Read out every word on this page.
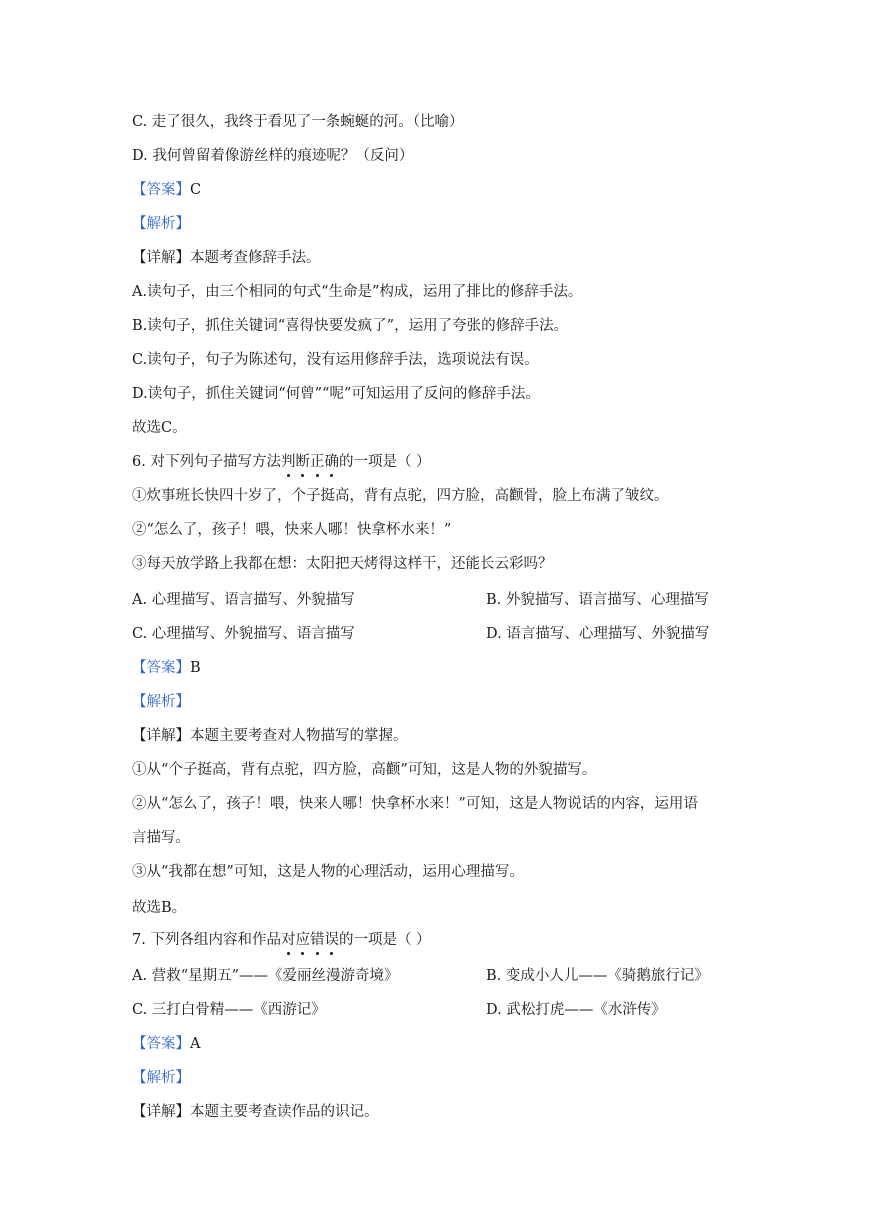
C. 走了很久，我终于看见了一条蜿蜒的河。（比喻）
D. 我何曾留着像游丝样的痕迹呢？（反问）
【答案】C
【解析】
【详解】本题考查修辞手法。
A.读句子，由三个相同的句式“生命是”构成，运用了排比的修辞手法。
B.读句子，抓住关键词“喜得快要发疯了”，运用了夸张的修辞手法。
C.读句子，句子为陈述句，没有运用修辞手法，选项说法有误。
D.读句子，抓住关键词“何曾”“呢”可知运用了反问的修辞手法。
故选C。
6. 对下列句子描写方法判断正确的一项是（ ）
①炊事班长快四十岁了，个子挺高，背有点驼，四方脸，高颧骨，脸上布满了皱纹。
②“怎么了，孩子！喂，快来人哪！快拿杯水来！”
③每天放学路上我都在想：太阳把天烤得这样干，还能长云彩吗？
A. 心理描写、语言描写、外貌描写	B. 外貌描写、语言描写、心理描写
C. 心理描写、外貌描写、语言描写	D. 语言描写、心理描写、外貌描写
【答案】B
【解析】
【详解】本题主要考查对人物描写的掌握。
①从“个子挺高，背有点驼，四方脸，高颧”可知，这是人物的外貌描写。
②从“怎么了，孩子！喂，快来人哪！快拿杯水来！”可知，这是人物说话的内容，运用语
言描写。
③从“我都在想”可知，这是人物的心理活动，运用心理描写。
故选B。
7. 下列各组内容和作品对应错误的一项是（ ）
A. 营救“星期五”——《爱丽丝漫游奇境》	B. 变成小人儿——《骑鹅旅行记》
C. 三打白骨精——《西游记》	D. 武松打虎——《水浒传》
【答案】A
【解析】
【详解】本题主要考查读作品的识记。
